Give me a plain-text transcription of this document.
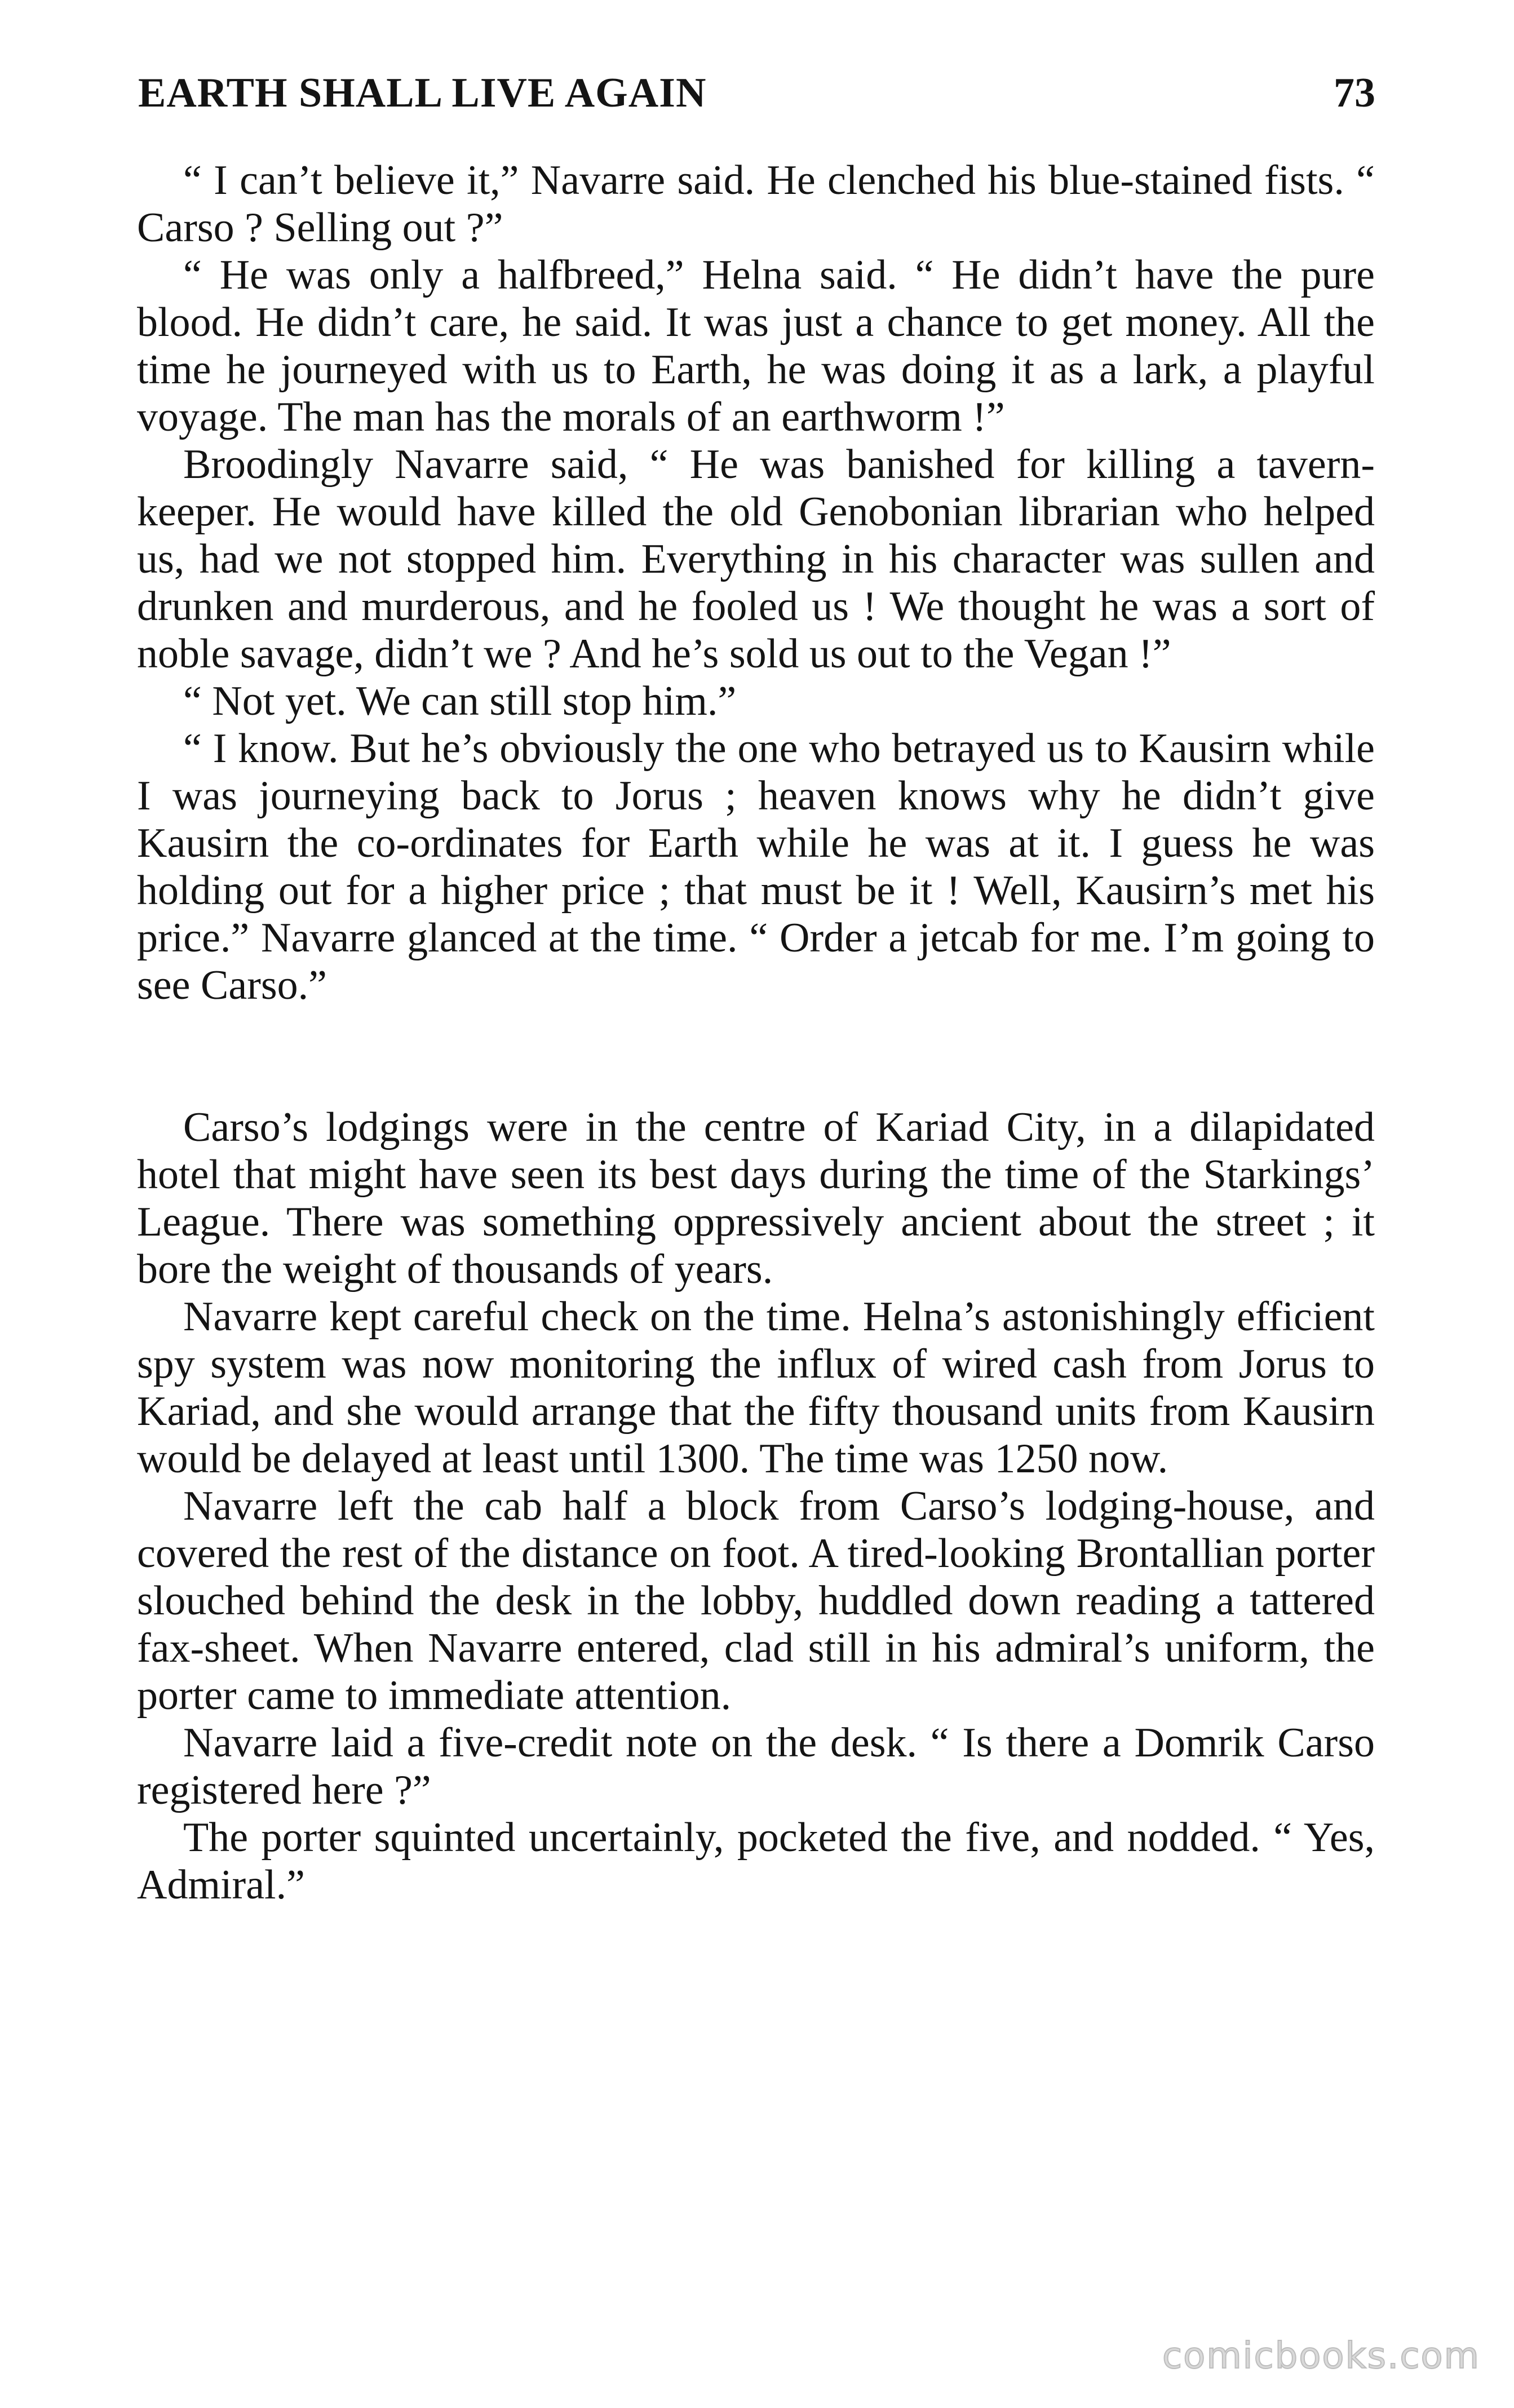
EARTH SHALL LIVE AGAIN	73

“ I can’t believe it,” Navarre said. He clenched his blue-stained fists. “ Carso ? Selling out ?”

“ He was only a halfbreed,” Helna said. “ He didn’t have the pure blood. He didn’t care, he said. It was just a chance to get money. All the time he journeyed with us to Earth, he was doing it as a lark, a playful voyage. The man has the morals of an earthworm !”

Broodingly Navarre said, “ He was banished for killing a tavern-keeper. He would have killed the old Genobonian librarian who helped us, had we not stopped him. Everything in his character was sullen and drunken and murderous, and he fooled us ! We thought he was a sort of noble savage, didn’t we ? And he’s sold us out to the Vegan !”

“ Not yet. We can still stop him.”

“ I know. But he’s obviously the one who betrayed us to Kausirn while I was journeying back to Jorus ; heaven knows why he didn’t give Kausirn the co-ordinates for Earth while he was at it. I guess he was holding out for a higher price ; that must be it ! Well, Kausirn’s met his price.” Navarre glanced at the time. “ Order a jetcab for me. I’m going to see Carso.”

Carso’s lodgings were in the centre of Kariad City, in a dilapidated hotel that might have seen its best days during the time of the Starkings’ League. There was something oppressively ancient about the street ; it bore the weight of thousands of years.

Navarre kept careful check on the time. Helna’s astonishingly efficient spy system was now monitoring the influx of wired cash from Jorus to Kariad, and she would arrange that the fifty thousand units from Kausirn would be delayed at least until 1300. The time was 1250 now.

Navarre left the cab half a block from Carso’s lodging-house, and covered the rest of the distance on foot. A tired-looking Brontallian porter slouched behind the desk in the lobby, huddled down reading a tattered fax-sheet. When Navarre entered, clad still in his admiral’s uniform, the porter came to immediate attention.

Navarre laid a five-credit note on the desk. “ Is there a Domrik Carso registered here ?”

The porter squinted uncertainly, pocketed the five, and nodded. “ Yes, Admiral.”

comicbooks.com
